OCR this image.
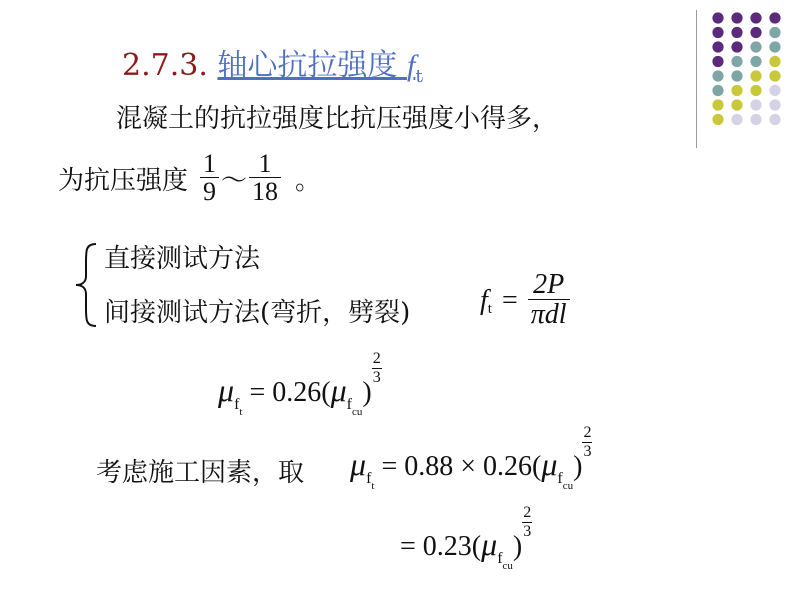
2.7.3. 轴心抗拉强度 $f_t$
混凝土的抗拉强度比抗压强度小得多，
为抗压强度 $\frac{1}{9}$ ～ $\frac{1}{18}$ 。
直接测试方法
间接测试方法(弯折，劈裂) f $t = \frac{2P}{\text{πdl}}$
$\mu_{ft} = 0.26(\mu_{fcu})$
$\frac{2}{3}$
考虑施工因素，取 $\mu_{ft} = 0.88 \times 0.26(\mu_{fcu})$
$\frac{2}{3}$
= $0.23(\mu_{fcu})$
$\frac{2}{3}$
